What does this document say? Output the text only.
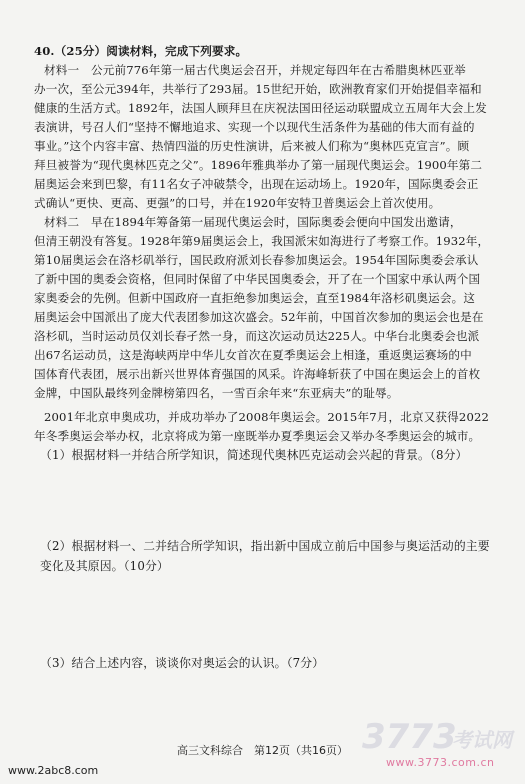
40.（25分）阅读材料，完成下列要求。
材料一　公元前776年第一届古代奥运会召开，并规定每四年在古希腊奥林匹亚举
办一次，至公元394年，共举行了293届。15世纪开始，欧洲教育家们开始提倡幸福和
健康的生活方式。1892年，法国人顾拜旦在庆祝法国田径运动联盟成立五周年大会上发
表演讲，号召人们“坚持不懈地追求、实现一个以现代生活条件为基础的伟大而有益的
事业。”这个内容丰富、热情四溢的历史性演讲，后来被人们称为“奥林匹克宣言”。顾
拜旦被誉为“现代奥林匹克之父”。1896年雅典举办了第一届现代奥运会。1900年第二
届奥运会来到巴黎，有11名女子冲破禁令，出现在运动场上。1920年，国际奥委会正
式确认“更快、更高、更强”的口号，并在1920年安特卫普奥运会上首次使用。
材料二　早在1894年筹备第一届现代奥运会时，国际奥委会便向中国发出邀请，
但清王朝没有答复。1928年第9届奥运会上，我国派宋如海进行了考察工作。1932年，
第10届奥运会在洛杉矶举行，国民政府派刘长春参加奥运会。1954年国际奥委会承认
了新中国的奥委会资格，但同时保留了中华民国奥委会，开了在一个国家中承认两个国
家奥委会的先例。但新中国政府一直拒绝参加奥运会，直至1984年洛杉矶奥运会。这
届奥运会中国派出了庞大代表团参加这次盛会。52年前，中国首次参加的奥运会也是在
洛杉矶，当时运动员仅刘长春孑然一身，而这次运动员达225人。中华台北奥委会也派
出67名运动员，这是海峡两岸中华儿女首次在夏季奥运会上相逢，重返奥运赛场的中
国体育代表团，展示出新兴世界体育强国的风采。许海峰斩获了中国在奥运会上的首枚
金牌，中国队最终列金牌榜第四名，一雪百余年来“东亚病夫”的耻辱。
2001年北京申奥成功，并成功举办了2008年奥运会。2015年7月，北京又获得2022
年冬季奥运会举办权，北京将成为第一座既举办夏季奥运会又举办冬季奥运会的城市。
（1）根据材料一并结合所学知识，简述现代奥林匹克运动会兴起的背景。（8分）
（2）根据材料一、二并结合所学知识，指出新中国成立前后中国参与奥运活动的主要
变化及其原因。（10分）
（3）结合上述内容，谈谈你对奥运会的认识。（7分）
高三文科综合　第12页（共16页）
www.2abc8.com
3773
考试网
www.3773.com.cn
